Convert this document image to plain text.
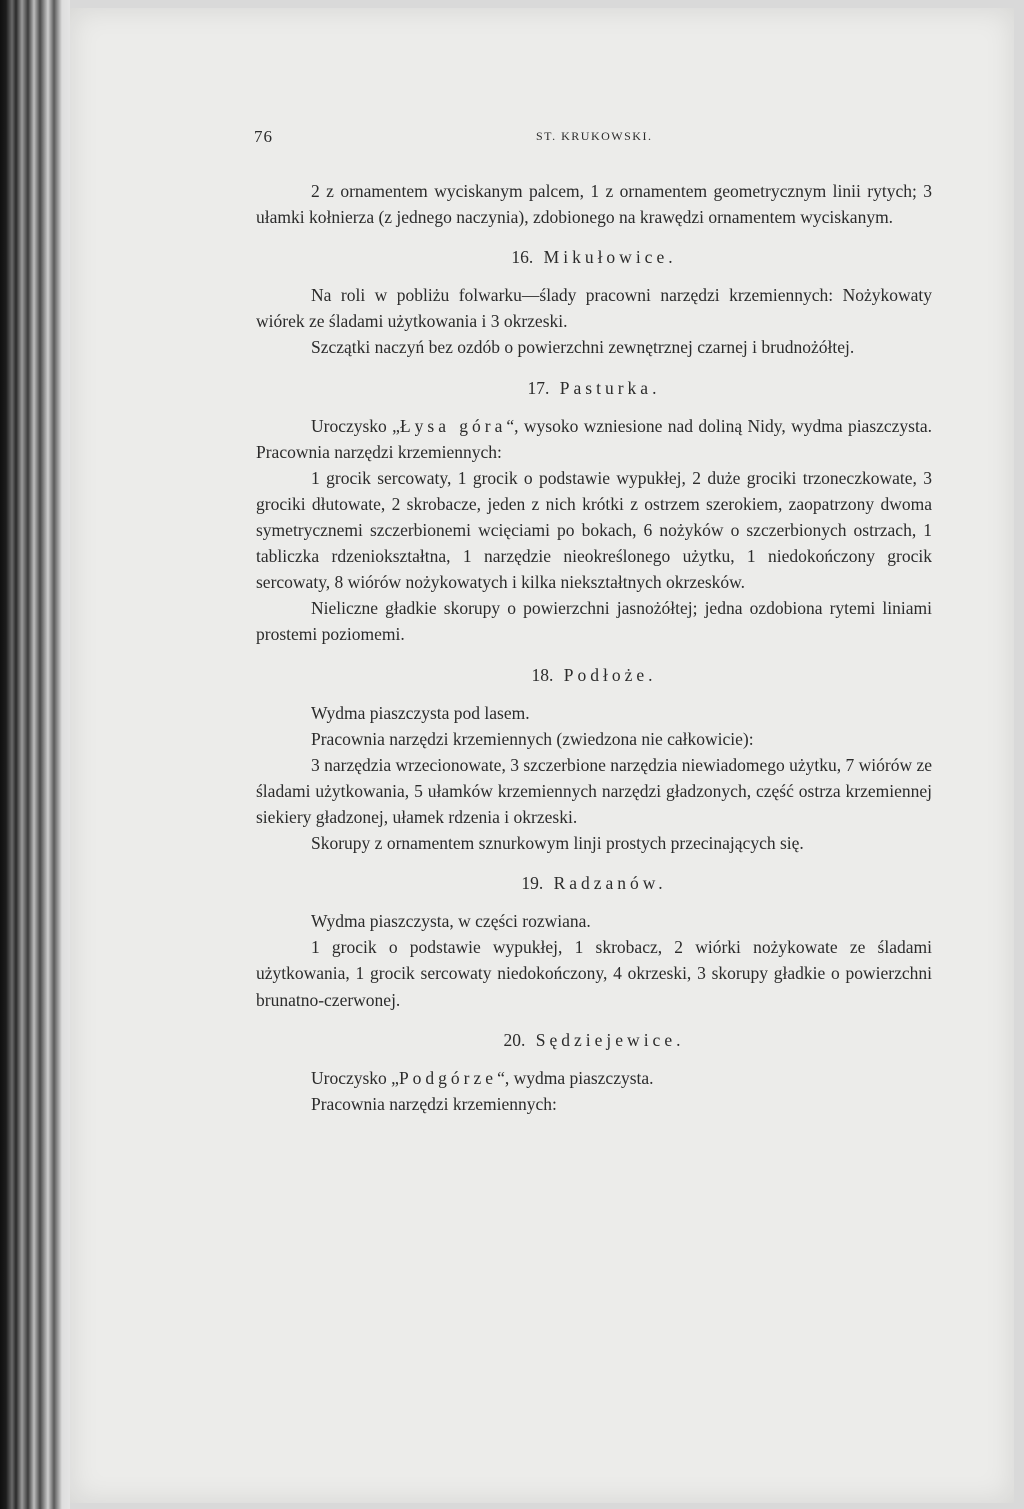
76	ST. KRUKOWSKI.

2 z ornamentem wyciskanym palcem, 1 z ornamentem geometrycznym linii rytych; 3 ułamki kołnierza (z jednego naczynia), zdobionego na krawędzi ornamentem wyciskanym.

16. Mikułowice.

Na roli w pobliżu folwarku—ślady pracowni narzędzi krzemiennych: Nożykowaty wiórek ze śladami użytkowania i 3 okrzeski.

Szczątki naczyń bez ozdób o powierzchni zewnętrznej czarnej i brudnożółtej.

17. Pasturka.

Uroczysko „Łysa góra“, wysoko wzniesione nad doliną Nidy, wydma piaszczysta. Pracownia narzędzi krzemiennych:

1 grocik sercowaty, 1 grocik o podstawie wypukłej, 2 duże grociki trzoneczkowate, 3 grociki dłutowate, 2 skrobacze, jeden z nich krótki z ostrzem szerokiem, zaopatrzony dwoma symetrycznemi szczerbionemi wcięciami po bokach, 6 nożyków o szczerbionych ostrzach, 1 tabliczka rdzeniokształtna, 1 narzędzie nieokreślonego użytku, 1 niedokończony grocik sercowaty, 8 wiórów nożykowatych i kilka niekształtnych okrzesków.

Nieliczne gładkie skorupy o powierzchni jasnożółtej; jedna ozdobiona rytemi liniami prostemi poziomemi.

18. Podłoże.

Wydma piaszczysta pod lasem.

Pracownia narzędzi krzemiennych (zwiedzona nie całkowicie):

3 narzędzia wrzecionowate, 3 szczerbione narzędzia niewiadomego użytku, 7 wiórów ze śladami użytkowania, 5 ułamków krzemiennych narzędzi gładzonych, część ostrza krzemiennej siekiery gładzonej, ułamek rdzenia i okrzeski.

Skorupy z ornamentem sznurkowym linji prostych przecinających się.

19. Radzanów.

Wydma piaszczysta, w części rozwiana.

1 grocik o podstawie wypukłej, 1 skrobacz, 2 wiórki nożykowate ze śladami użytkowania, 1 grocik sercowaty niedokończony, 4 okrzeski, 3 skorupy gładkie o powierzchni brunatno-czerwonej.

20. Sędziejewice.

Uroczysko „Podgórze“, wydma piaszczysta.

Pracownia narzędzi krzemiennych:
